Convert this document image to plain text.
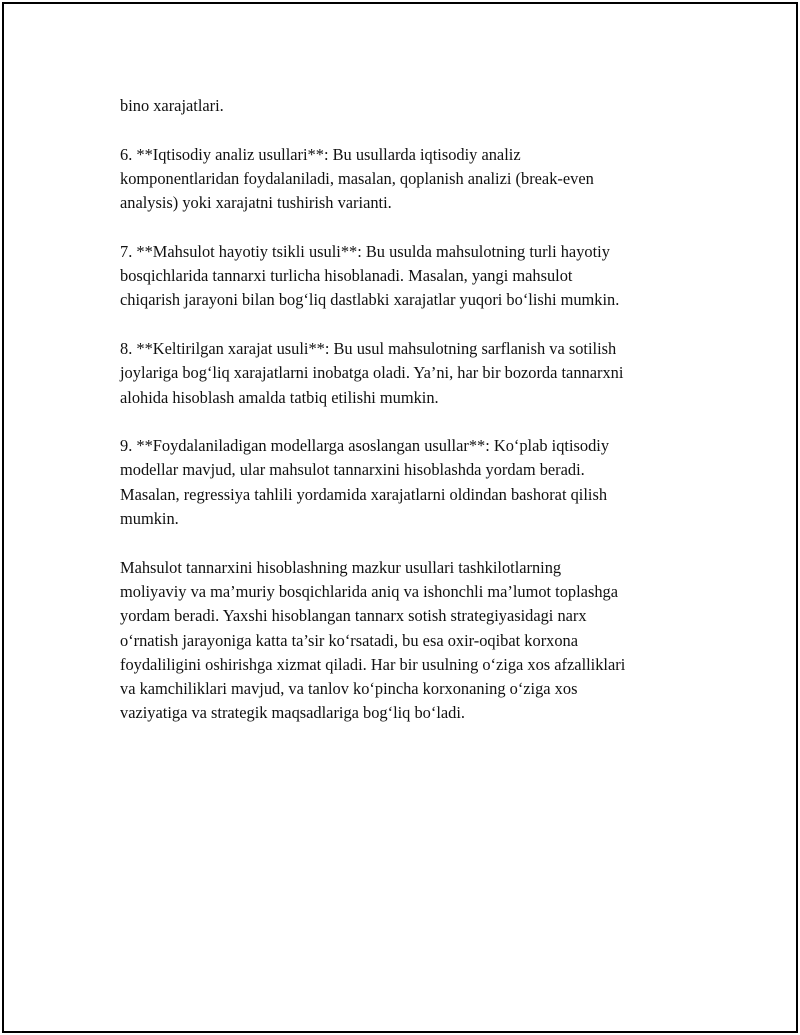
bino xarajatlari.

6. **Iqtisodiy analiz usullari**: Bu usullarda iqtisodiy analiz
komponentlaridan foydalaniladi, masalan, qoplanish analizi (break-even
analysis) yoki xarajatni tushirish varianti.

7. **Mahsulot hayotiy tsikli usuli**: Bu usulda mahsulotning turli hayotiy
bosqichlarida tannarxi turlicha hisoblanadi. Masalan, yangi mahsulot
chiqarish jarayoni bilan bog‘liq dastlabki xarajatlar yuqori bo‘lishi mumkin.

8. **Keltirilgan xarajat usuli**: Bu usul mahsulotning sarflanish va sotilish
joylariga bog‘liq xarajatlarni inobatga oladi. Ya’ni, har bir bozorda tannarxni
alohida hisoblash amalda tatbiq etilishi mumkin.

9. **Foydalaniladigan modellarga asoslangan usullar**: Ko‘plab iqtisodiy
modellar mavjud, ular mahsulot tannarxini hisoblashda yordam beradi.
Masalan, regressiya tahlili yordamida xarajatlarni oldindan bashorat qilish
mumkin.

Mahsulot tannarxini hisoblashning mazkur usullari tashkilotlarning
moliyaviy va ma’muriy bosqichlarida aniq va ishonchli ma’lumot toplashga
yordam beradi. Yaxshi hisoblangan tannarx sotish strategiyasidagi narx
o‘rnatish jarayoniga katta ta’sir ko‘rsatadi, bu esa oxir-oqibat korxona
foydaliligini oshirishga xizmat qiladi. Har bir usulning o‘ziga xos afzalliklari
va kamchiliklari mavjud, va tanlov ko‘pincha korxonaning o‘ziga xos
vaziyatiga va strategik maqsadlariga bog‘liq bo‘ladi.
